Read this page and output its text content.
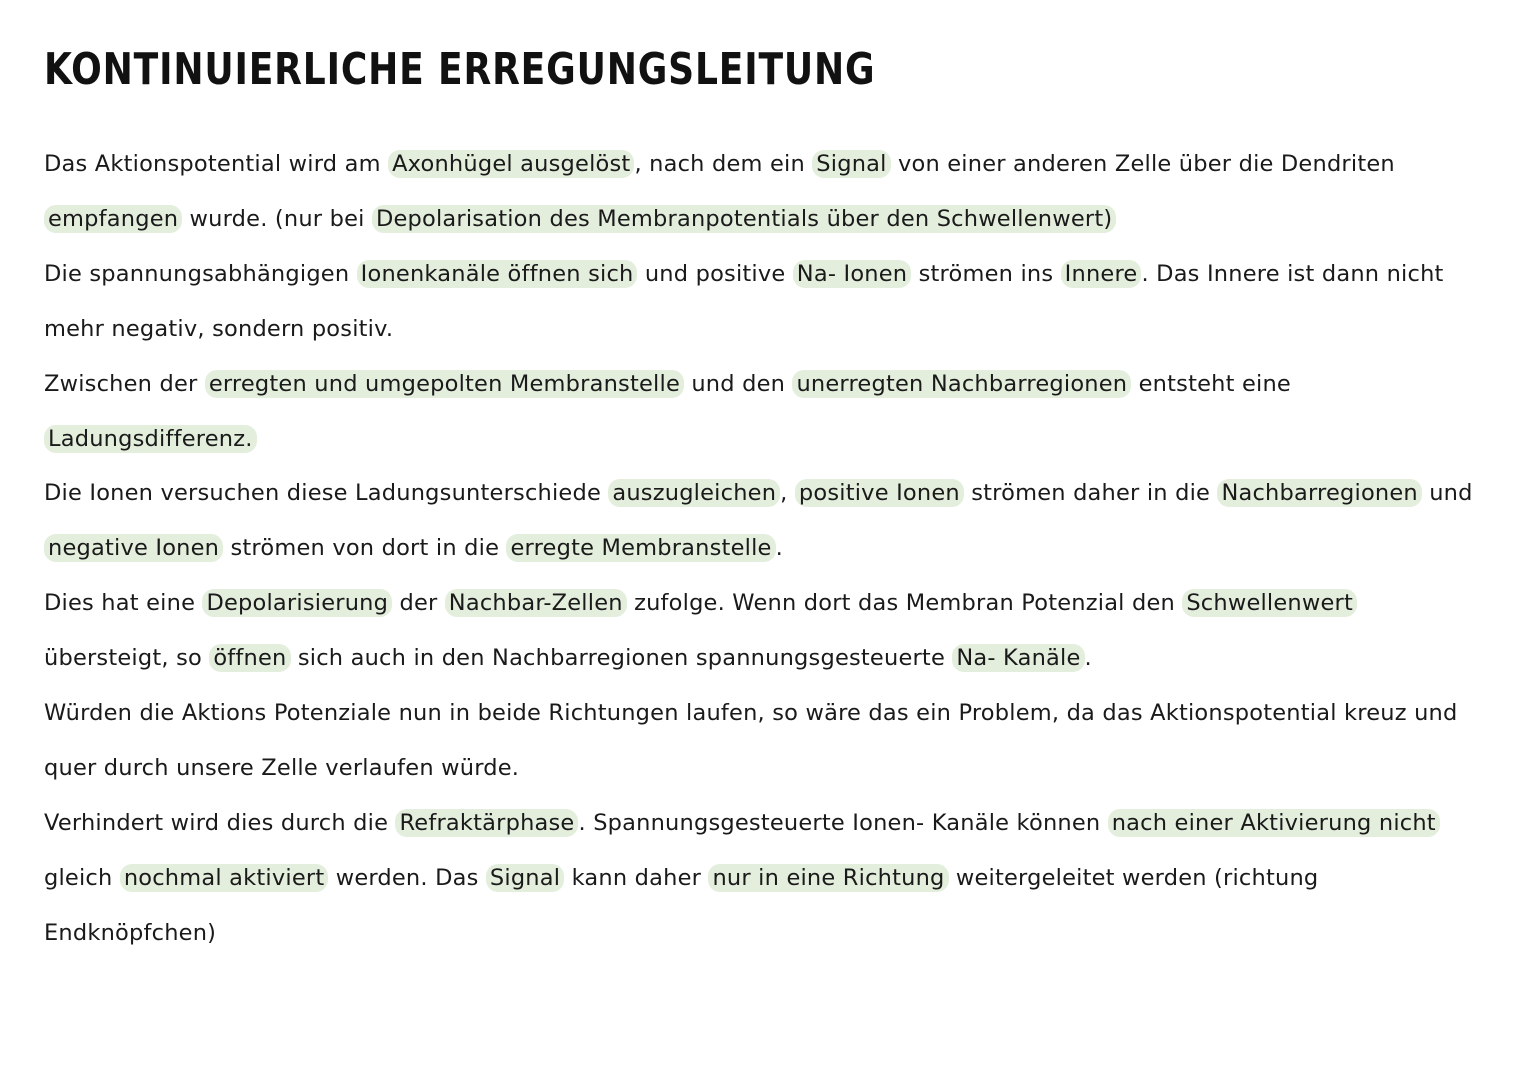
KONTINUIERLICHE ERREGUNGSLEITUNG

Das Aktionspotential wird am Axonhügel ausgelöst , nach dem ein Signal von einer anderen Zelle über die Dendriten empfangen wurde. (nur bei Depolarisation des Membranpotentials über den Schwellenwert)

Die spannungsabhängigen Ionenkanäle öffnen sich und positive Na- Ionen strömen ins Innere . Das Innere ist dann nicht mehr negativ, sondern positiv.

Zwischen der erregten und umgepolten Membranstelle und den unerregten Nachbarregionen entsteht eine Ladungsdifferenz.

Die Ionen versuchen diese Ladungsunterschiede auszugleichen , positive Ionen strömen daher in die Nachbarregionen und negative Ionen strömen von dort in die erregte Membranstelle .

Dies hat eine Depolarisierung der Nachbar-Zellen zufolge. Wenn dort das Membran Potenzial den Schwellenwert übersteigt, so öffnen sich auch in den Nachbarregionen spannungsgesteuerte Na- Kanäle .

Würden die Aktions Potenziale nun in beide Richtungen laufen, so wäre das ein Problem, da das Aktionspotential kreuz und quer durch unsere Zelle verlaufen würde.

Verhindert wird dies durch die Refraktärphase . Spannungsgesteuerte Ionen- Kanäle können nach einer Aktivierung nicht gleich nochmal aktiviert werden. Das Signal kann daher nur in eine Richtung weitergeleitet werden (richtung Endknöpfchen)
